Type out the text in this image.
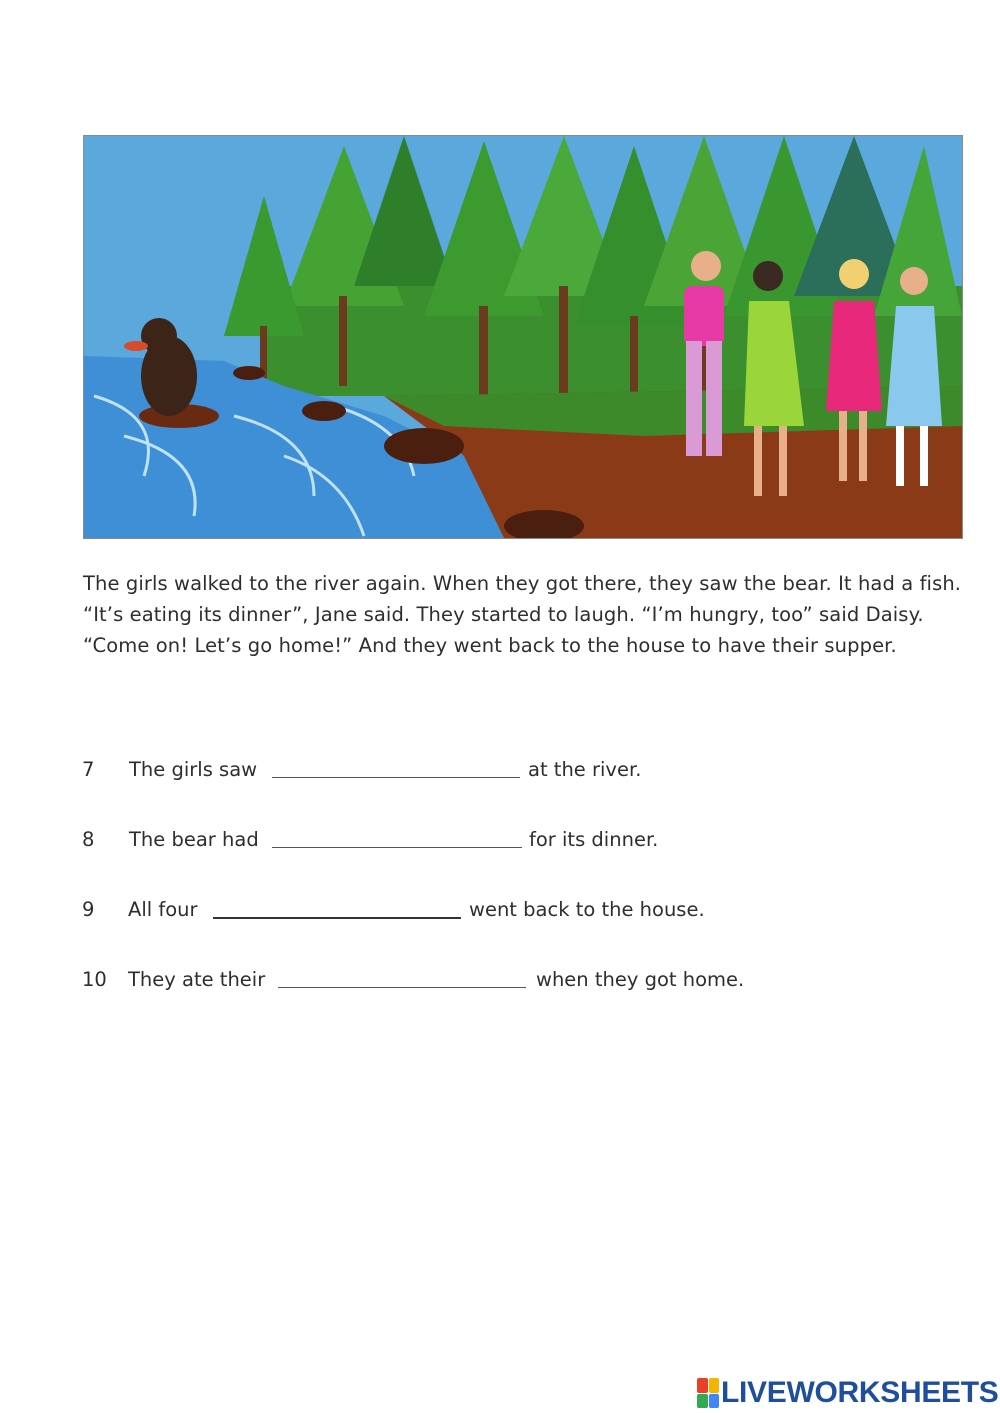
The girls walked to the river again. When they got there, they saw the bear. It had a fish. “It’s eating its dinner”, Jane said. They started to laugh. “I’m hungry, too” said Daisy. “Come on! Let’s go home!” And they went back to the house to have their supper.

7 The girls saw	at the river.
8 The bear had	for its dinner.
9 All four	went back to the house.
10 They ate their	when they got home.
LIVEWORKSHEETS
